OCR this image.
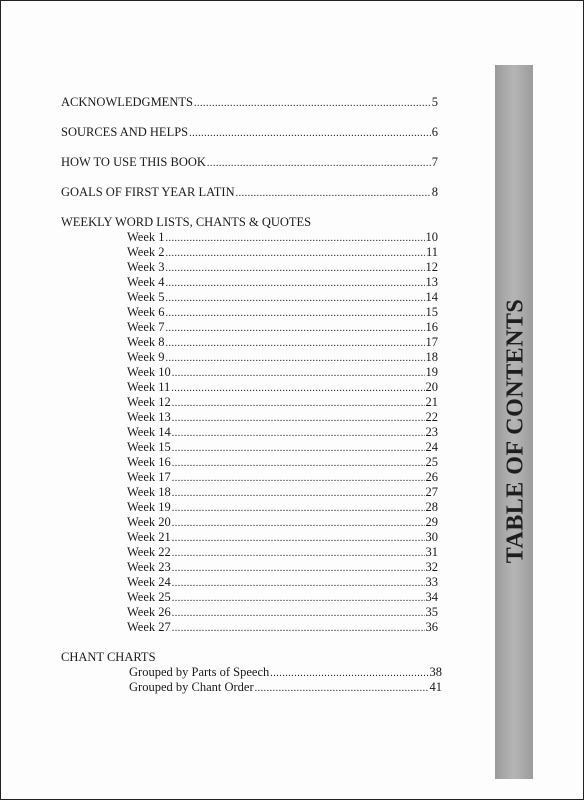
ACKNOWLEDGMENTS .....	5
SOURCES AND HELPS .....	6
HOW TO USE THIS BOOK .....	7
GOALS OF FIRST YEAR LATIN .....	8
WEEKLY WORD LISTS, CHANTS & QUOTES
Week 1 .....	10
Week 2 .....	11
Week 3 .....	12
Week 4 .....	13
Week 5 .....	14
Week 6 .....	15
Week 7 .....	16
Week 8 .....	17
Week 9 .....	18
Week 10 .....	19
Week 11 .....	20
Week 12 .....	21
Week 13 .....	22
Week 14 .....	23
Week 15 .....	24
Week 16 .....	25
Week 17 .....	26
Week 18 .....	27
Week 19 .....	28
Week 20 .....	29
Week 21 .....	30
Week 22 .....	31
Week 23 .....	32
Week 24 .....	33
Week 25 .....	34
Week 26 .....	35
Week 27 .....	36
CHANT CHARTS
Grouped by Parts of Speech .....	38
Grouped by Chant Order .....	41
TABLE OF CONTENTS
